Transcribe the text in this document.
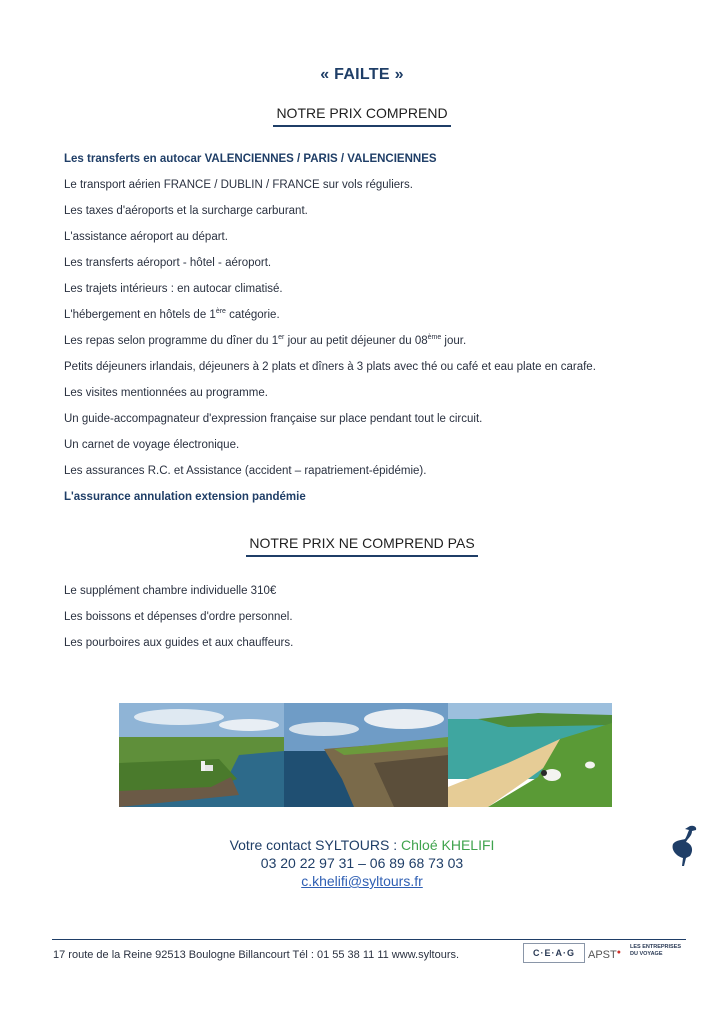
« FAILTE »
NOTRE PRIX COMPREND
Les transferts en autocar VALENCIENNES / PARIS / VALENCIENNES
Le transport aérien FRANCE / DUBLIN / FRANCE sur vols réguliers.
Les taxes d'aéroports et la surcharge carburant.
L'assistance aéroport au départ.
Les transferts aéroport - hôtel - aéroport.
Les trajets intérieurs : en autocar climatisé.
L'hébergement en hôtels de 1ère catégorie.
Les repas selon programme du dîner du 1er jour au petit déjeuner du 08ème jour.
Petits déjeuners irlandais, déjeuners à 2 plats et dîners à 3 plats avec thé ou café et eau plate en carafe.
Les visites mentionnées au programme.
Un guide-accompagnateur d'expression française sur place pendant tout le circuit.
Un carnet de voyage électronique.
Les assurances R.C. et Assistance (accident – rapatriement-épidémie).
L'assurance annulation extension pandémie
NOTRE PRIX NE COMPREND PAS
Le supplément chambre individuelle 310€
Les boissons et dépenses d'ordre personnel.
Les pourboires aux guides et aux chauffeurs.
Votre contact SYLTOURS : Chloé KHELIFI
03 20 22 97 31 – 06 89 68 73 03
c.khelifi@syltours.fr
17 route de la Reine 92513 Boulogne Billancourt Tél : 01 55 38 11 11 www.syltours.	C·E·A·G	APST●
LES ENTREPRISES
DU VOYAGE
